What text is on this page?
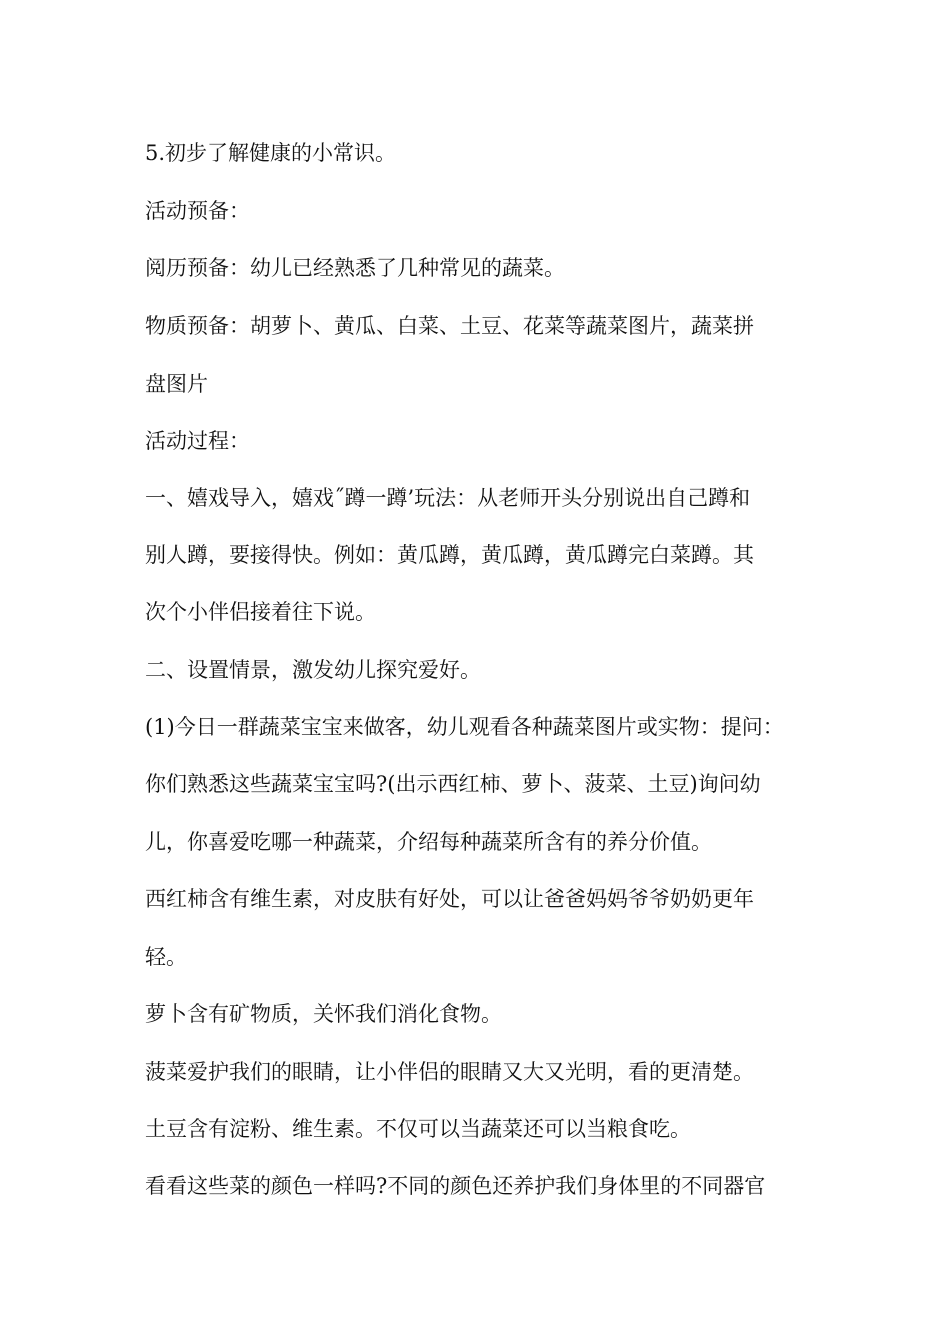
5.初步了解健康的小常识。
活动预备：
阅历预备：幼儿已经熟悉了几种常见的蔬菜。
物质预备：胡萝卜、黄瓜、白菜、土豆、花菜等蔬菜图片，蔬菜拼
盘图片
活动过程：
一、嬉戏导入，嬉戏˝蹲一蹲’玩法：从老师开头分别说出自己蹲和
别人蹲，要接得快。例如：黄瓜蹲，黄瓜蹲，黄瓜蹲完白菜蹲。其
次个小伴侣接着往下说。
二、设置情景，激发幼儿探究爱好。
(1)今日一群蔬菜宝宝来做客，幼儿观看各种蔬菜图片或实物：提问：
你们熟悉这些蔬菜宝宝吗?(出示西红柿、萝卜、菠菜、土豆)询问幼
儿，你喜爱吃哪一种蔬菜，介绍每种蔬菜所含有的养分价值。
西红柿含有维生素，对皮肤有好处，可以让爸爸妈妈爷爷奶奶更年
轻。
萝卜含有矿物质，关怀我们消化食物。
菠菜爱护我们的眼睛，让小伴侣的眼睛又大又光明，看的更清楚。
土豆含有淀粉、维生素。不仅可以当蔬菜还可以当粮食吃。
看看这些菜的颜色一样吗?不同的颜色还养护我们身体里的不同器官
